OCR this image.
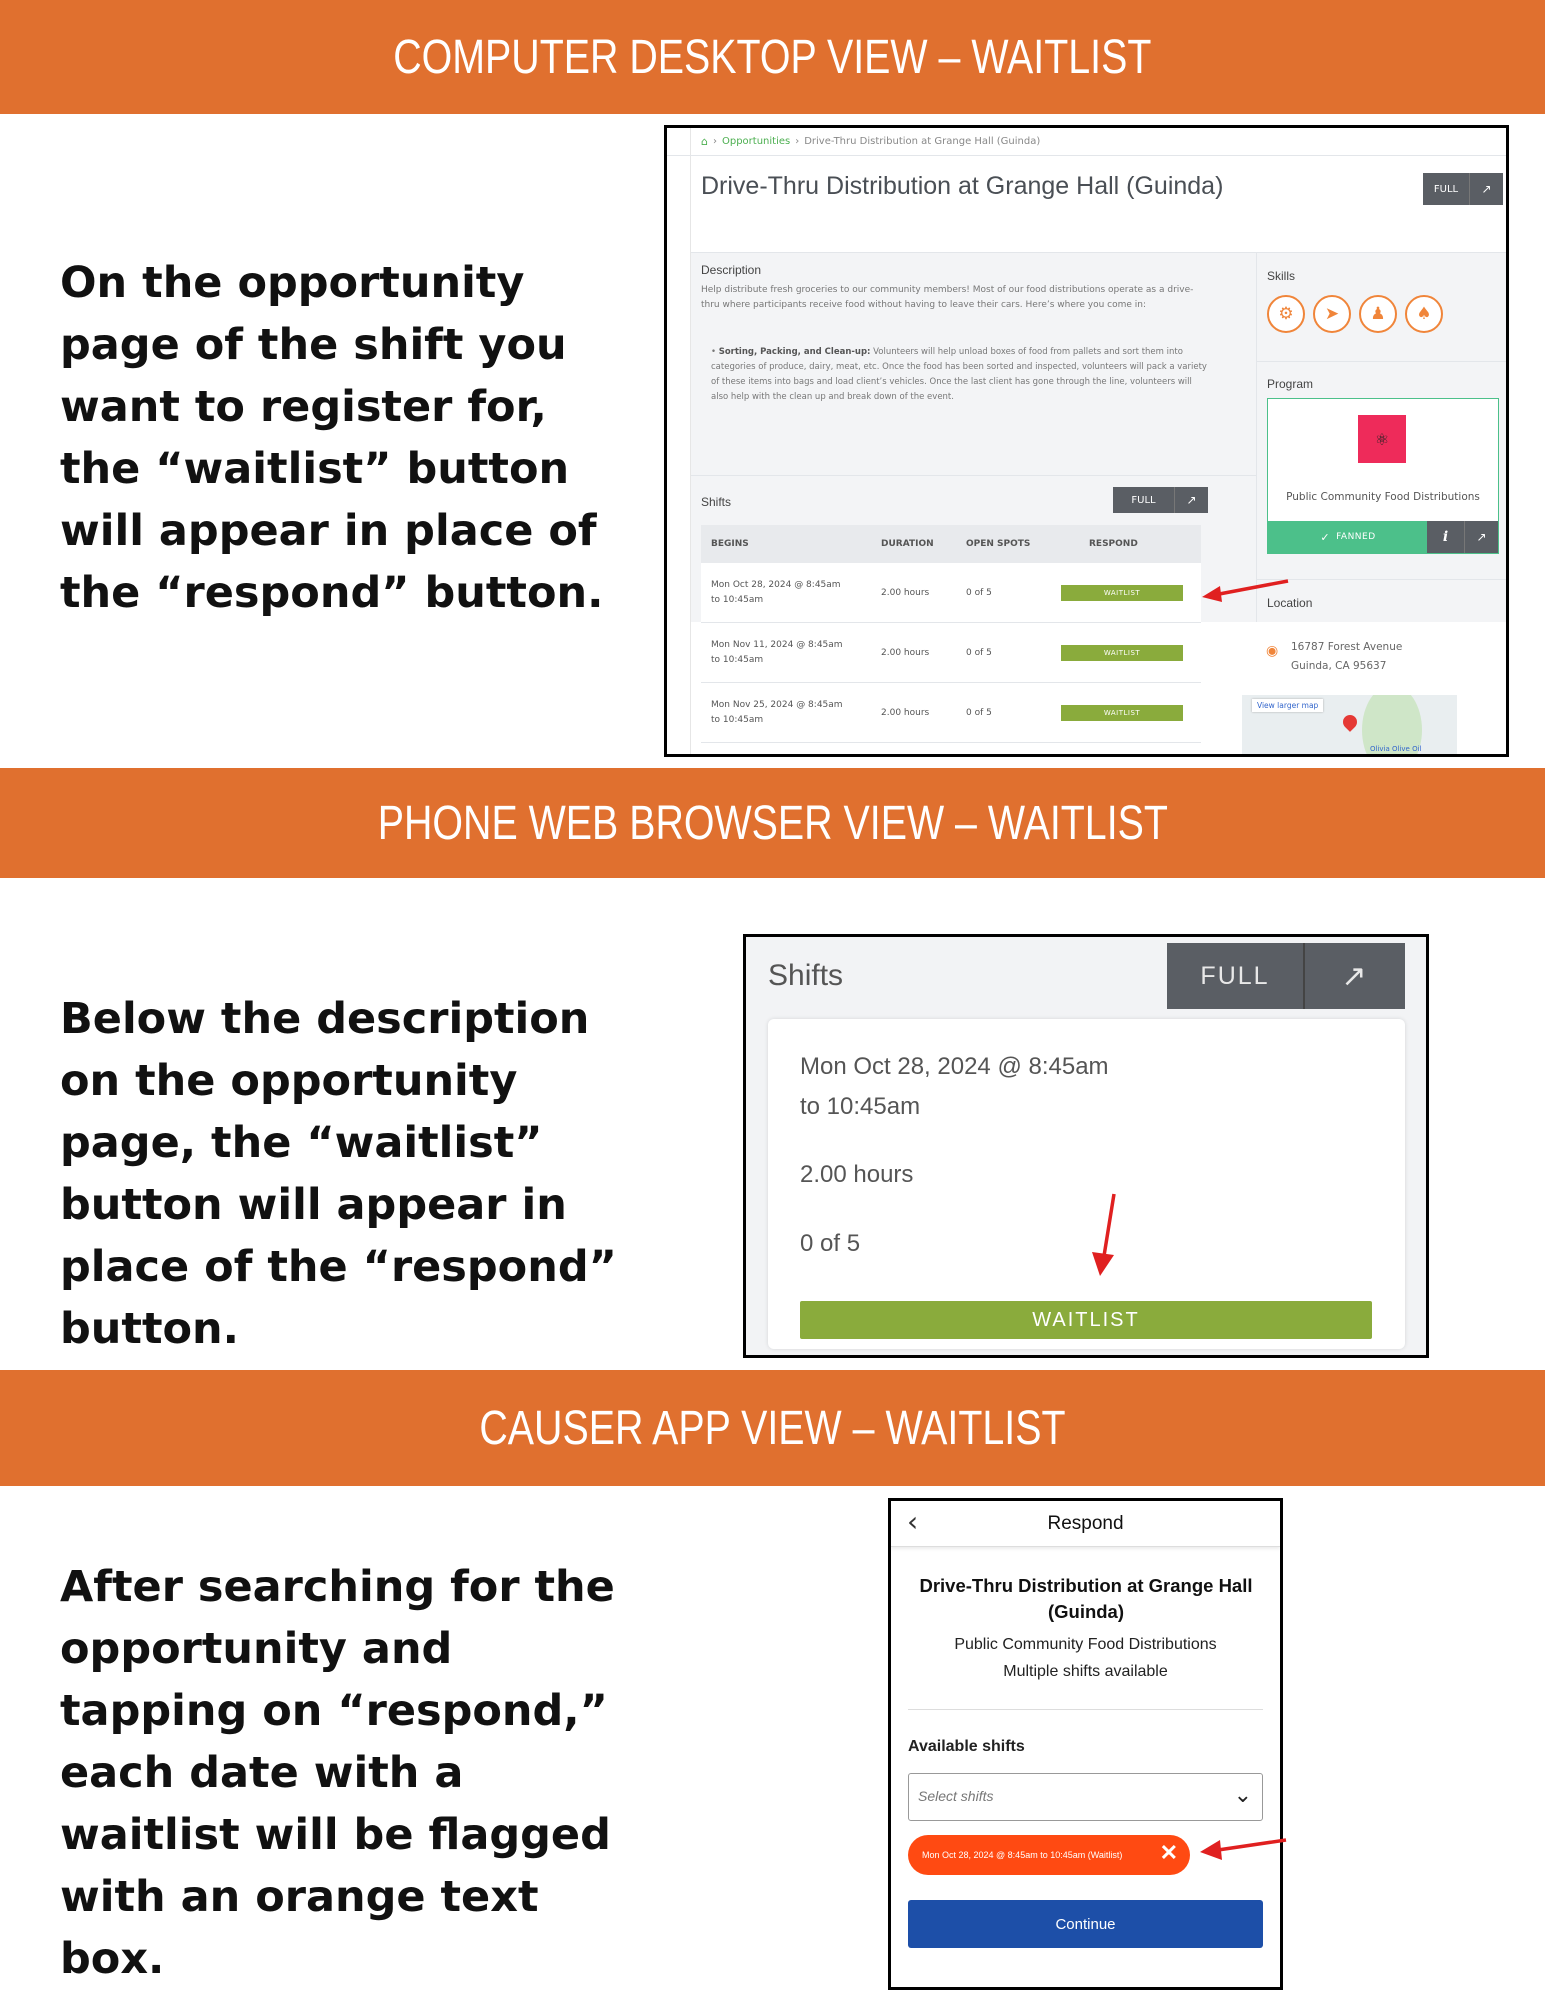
COMPUTER DESKTOP VIEW – WAITLIST
On the opportunity page of the shift you want to register for, the “waitlist” button will appear in place of the “respond” button.
⌂ › Opportunities › Drive-Thru Distribution at Grange Hall (Guinda)
Drive-Thru Distribution at Grange Hall (Guinda)	FULL	↗
Description
Help distribute fresh groceries to our community members! Most of our food distributions operate as a drive-thru where participants receive food without having to leave their cars. Here’s where you come in:
• Sorting, Packing, and Clean-up: Volunteers will help unload boxes of food from pallets and sort them into categories of produce, dairy, meat, etc. Once the food has been sorted and inspected, volunteers will pack a variety of these items into bags and load client’s vehicles. Once the last client has gone through the line, volunteers will also help with the clean up and break down of the event.
Shifts	FULL	↗
BEGINS	DURATION	OPEN SPOTS	RESPOND
Mon Oct 28, 2024 @ 8:45am
to 10:45am
2.00 hours	0 of 5	WAITLIST
Mon Nov 11, 2024 @ 8:45am
to 10:45am
2.00 hours	0 of 5	WAITLIST
Mon Nov 25, 2024 @ 8:45am
to 10:45am
2.00 hours	0 of 5	WAITLIST
Skills
⚙	➤	♟	♠
Program
⚛
Public Community Food Distributions
✓ FANNED	i	↗
Location
◉ 16787 Forest Avenue
Guinda, CA 95637
View larger map
Olivia Olive Oil
PHONE WEB BROWSER VIEW – WAITLIST
Below the description on the opportunity page, the “waitlist” button will appear in place of the “respond” button.
Shifts	FULL	↗
Mon Oct 28, 2024 @ 8:45am
to 10:45am
2.00 hours
0 of 5
WAITLIST
CAUSER APP VIEW – WAITLIST
After searching for the opportunity and tapping on “respond,” each date with a waitlist will be flagged with an orange text box.
‹	Respond
Drive-Thru Distribution at Grange Hall (Guinda)
Public Community Food Distributions
Multiple shifts available
Available shifts
Select shifts	⌄
Mon Oct 28, 2024 @ 8:45am to 10:45am (Waitlist) ✕
Continue
